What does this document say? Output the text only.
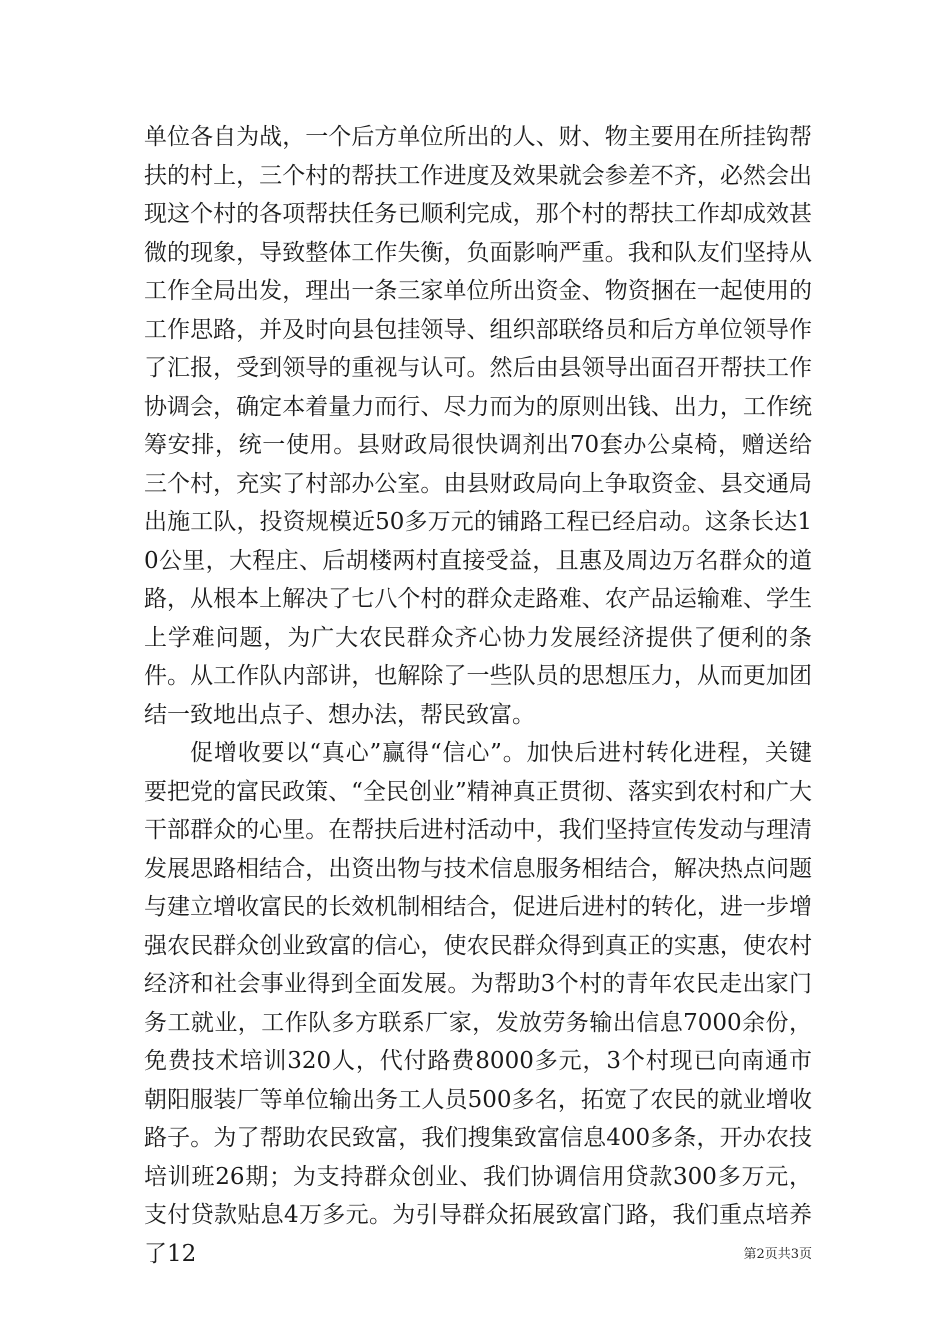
单位各自为战，一个后方单位所出的人、财、物主要用在所挂钩帮扶的村上，三个村的帮扶工作进度及效果就会参差不齐，必然会出现这个村的各项帮扶任务已顺利完成，那个村的帮扶工作却成效甚微的现象，导致整体工作失衡，负面影响严重。我和队友们坚持从工作全局出发，理出一条三家单位所出资金、物资捆在一起使用的工作思路，并及时向县包挂领导、组织部联络员和后方单位领导作了汇报，受到领导的重视与认可。然后由县领导出面召开帮扶工作协调会，确定本着量力而行、尽力而为的原则出钱、出力，工作统筹安排，统一使用。县财政局很快调剂出70套办公桌椅，赠送给三个村，充实了村部办公室。由县财政局向上争取资金、县交通局出施工队，投资规模近50多万元的铺路工程已经启动。这条长达10公里，大程庄、后胡楼两村直接受益，且惠及周边万名群众的道路，从根本上解决了七八个村的群众走路难、农产品运输难、学生上学难问题，为广大农民群众齐心协力发展经济提供了便利的条件。从工作队内部讲，也解除了一些队员的思想压力，从而更加团结一致地出点子、想办法，帮民致富。

促增收要以“真心”赢得“信心”。加快后进村转化进程，关键要把党的富民政策、“全民创业”精神真正贯彻、落实到农村和广大干部群众的心里。在帮扶后进村活动中，我们坚持宣传发动与理清发展思路相结合，出资出物与技术信息服务相结合，解决热点问题与建立增收富民的长效机制相结合，促进后进村的转化，进一步增强农民群众创业致富的信心，使农民群众得到真正的实惠，使农村经济和社会事业得到全面发展。为帮助3个村的青年农民走出家门务工就业，工作队多方联系厂家，发放劳务输出信息7000余份，免费技术培训320人，代付路费8000多元，3个村现已向南通市朝阳服装厂等单位输出务工人员500多名，拓宽了农民的就业增收路子。为了帮助农民致富，我们搜集致富信息400多条，开办农技培训班26期；为支持群众创业、我们协调信用贷款300多万元，支付贷款贴息4万多元。为引导群众拓展致富门路，我们重点培养了12	第2页共3页
